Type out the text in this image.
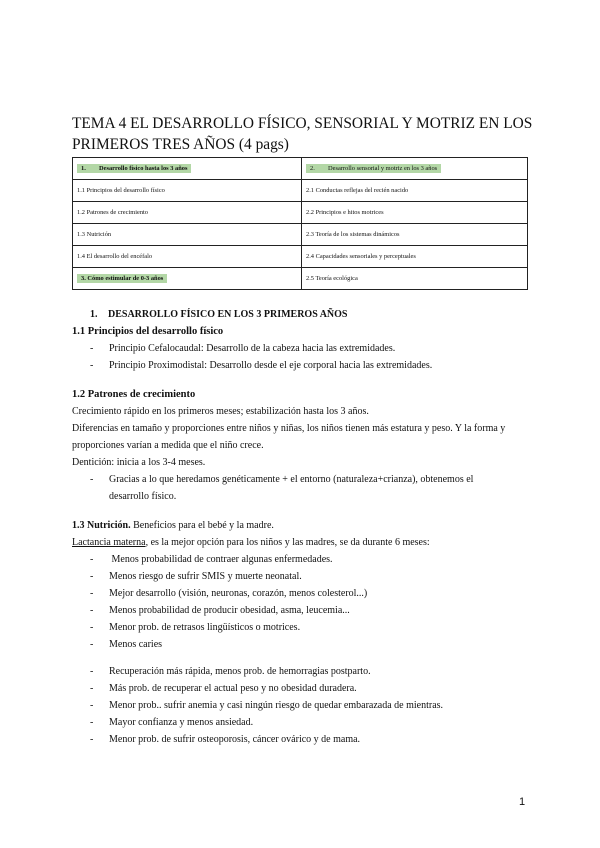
TEMA 4 EL DESARROLLO FÍSICO, SENSORIAL Y MOTRIZ EN LOS
PRIMEROS TRES AÑOS (4 pags)
1. Desarrollo físico hasta los 3 años	2. Desarrollo sensorial y motriz en los 3 años
1.1 Principios del desarrollo físico	2.1 Conductas reflejas del recién nacido
1.2 Patrones de crecimiento	2.2 Principios e hitos motrices
1.3 Nutrición	2.3 Teoría de los sistemas dinámicos
1.4 El desarrollo del encéfalo	2.4 Capacidades sensoriales y perceptuales
3. Cómo estimular de 0-3 años	2.5 Teoría ecológica

1. DESARROLLO FÍSICO EN LOS 3 PRIMEROS AÑOS

1.1 Principios del desarrollo físico

- Principio Cefalocaudal: Desarrollo de la cabeza hacia las extremidades.
- Principio Proximodistal: Desarrollo desde el eje corporal hacia las extremidades.

1.2 Patrones de crecimiento

Crecimiento rápido en los primeros meses; estabilización hasta los 3 años.

Diferencias en tamaño y proporciones entre niños y niñas, los niños tienen más estatura y peso. Y la forma y

proporciones varían a medida que el niño crece.

Dentición: inicia a los 3-4 meses.

- Gracias a lo que heredamos genéticamente + el entorno (naturaleza+crianza), obtenemos el desarrollo físico.

1.3 Nutrición. Beneficios para el bebé y la madre.

Lactancia materna, es la mejor opción para los niños y las madres, se da durante 6 meses:

- Menos probabilidad de contraer algunas enfermedades.
- Menos riesgo de sufrir SMIS y muerte neonatal.
- Mejor desarrollo (visión, neuronas, corazón, menos colesterol...)
- Menos probabilidad de producir obesidad, asma, leucemia...
- Menor prob. de retrasos lingüísticos o motrices.
- Menos caries
- Recuperación más rápida, menos prob. de hemorragias postparto.
- Más prob. de recuperar el actual peso y no obesidad duradera.
- Menor prob.. sufrir anemia y casi ningún riesgo de quedar embarazada de mientras.
- Mayor confianza y menos ansiedad.
- Menor prob. de sufrir osteoporosis, cáncer ovárico y de mama.
1
